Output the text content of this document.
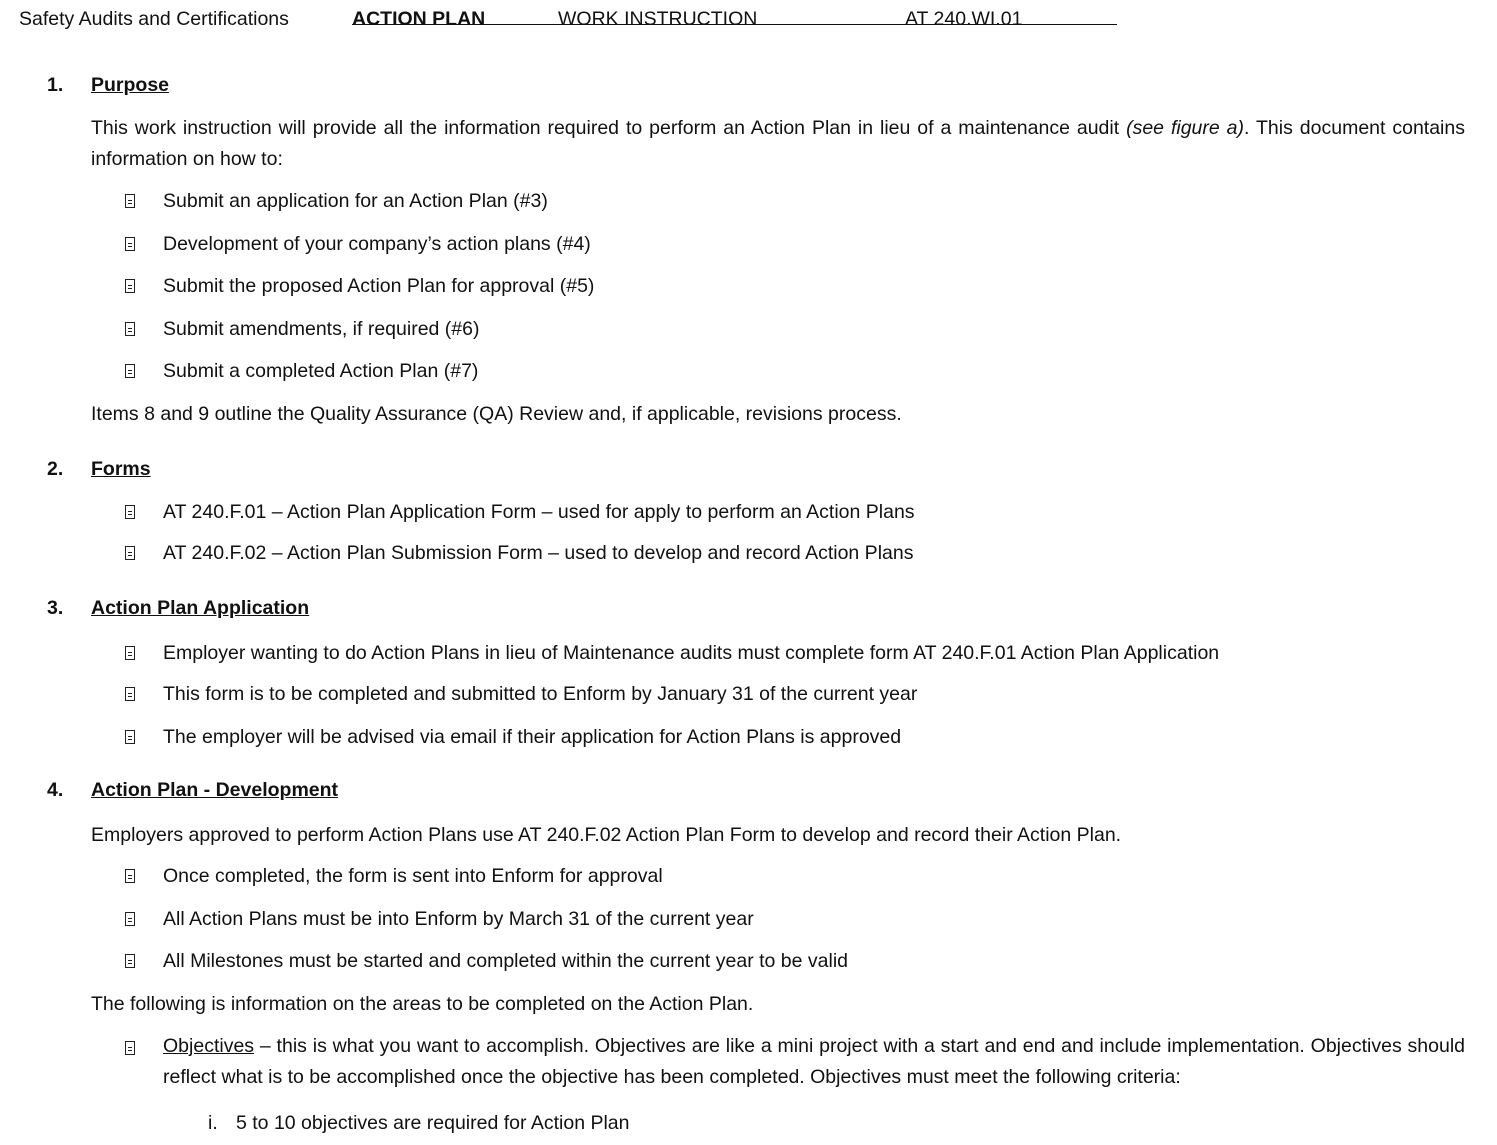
Safety Audits and Certifications	ACTION PLAN	WORK INSTRUCTION	AT 240.WI.01
1. Purpose
This work instruction will provide all the information required to perform an Action Plan in lieu of a maintenance audit (see figure a). This document contains information on how to:
Submit an application for an Action Plan (#3)
Development of your company’s action plans (#4)
Submit the proposed Action Plan for approval (#5)
Submit amendments, if required (#6)
Submit a completed Action Plan (#7)
Items 8 and 9 outline the Quality Assurance (QA) Review and, if applicable, revisions process.
2. Forms
AT 240.F.01 – Action Plan Application Form – used for apply to perform an Action Plans
AT 240.F.02 – Action Plan Submission Form – used to develop and record Action Plans
3. Action Plan Application
Employer wanting to do Action Plans in lieu of Maintenance audits must complete form AT 240.F.01 Action Plan Application
This form is to be completed and submitted to Enform by January 31 of the current year
The employer will be advised via email if their application for Action Plans is approved
4. Action Plan - Development
Employers approved to perform Action Plans use AT 240.F.02 Action Plan Form to develop and record their Action Plan.
Once completed, the form is sent into Enform for approval
All Action Plans must be into Enform by March 31 of the current year
All Milestones must be started and completed within the current year to be valid
The following is information on the areas to be completed on the Action Plan.
Objectives – this is what you want to accomplish. Objectives are like a mini project with a start and end and include implementation. Objectives should reflect what is to be accomplished once the objective has been completed. Objectives must meet the following criteria:
i. 5 to 10 objectives are required for Action Plan
